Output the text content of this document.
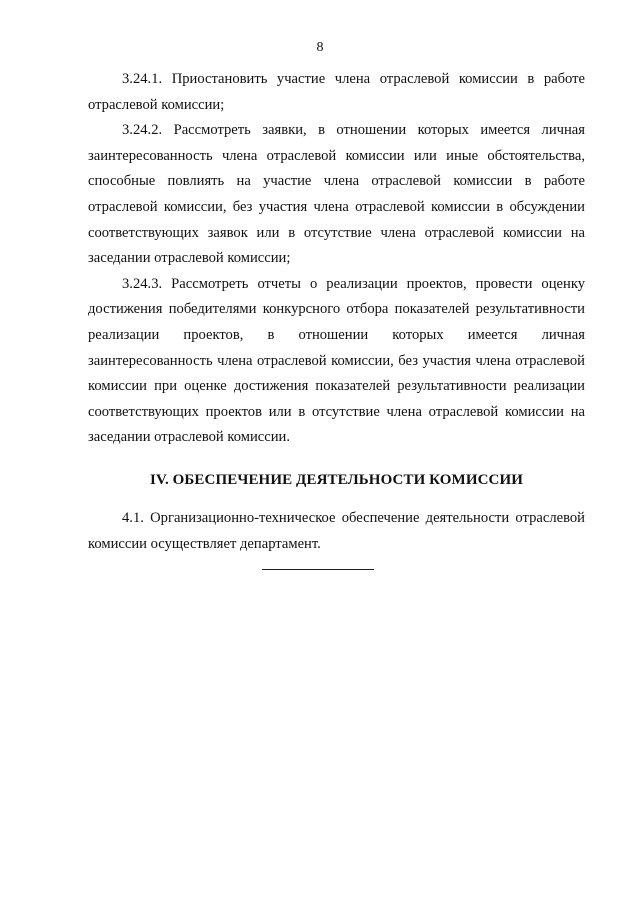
8

3.24.1. Приостановить участие члена отраслевой комиссии в работе отраслевой комиссии;

3.24.2. Рассмотреть заявки, в отношении которых имеется личная заинтересованность члена отраслевой комиссии или иные обстоятельства, способные повлиять на участие члена отраслевой комиссии в работе отраслевой комиссии, без участия члена отраслевой комиссии в обсуждении соответствующих заявок или в отсутствие члена отраслевой комиссии на заседании отраслевой комиссии;

3.24.3. Рассмотреть отчеты о реализации проектов, провести оценку достижения победителями конкурсного отбора показателей результативности реализации проектов, в отношении которых имеется личная заинтересованность члена отраслевой комиссии, без участия члена отраслевой комиссии при оценке достижения показателей результативности реализации соответствующих проектов или в отсутствие члена отраслевой комиссии на заседании отраслевой комиссии.

IV. ОБЕСПЕЧЕНИЕ ДЕЯТЕЛЬНОСТИ КОМИССИИ

4.1. Организационно-техническое обеспечение деятельности отраслевой комиссии осуществляет департамент.
